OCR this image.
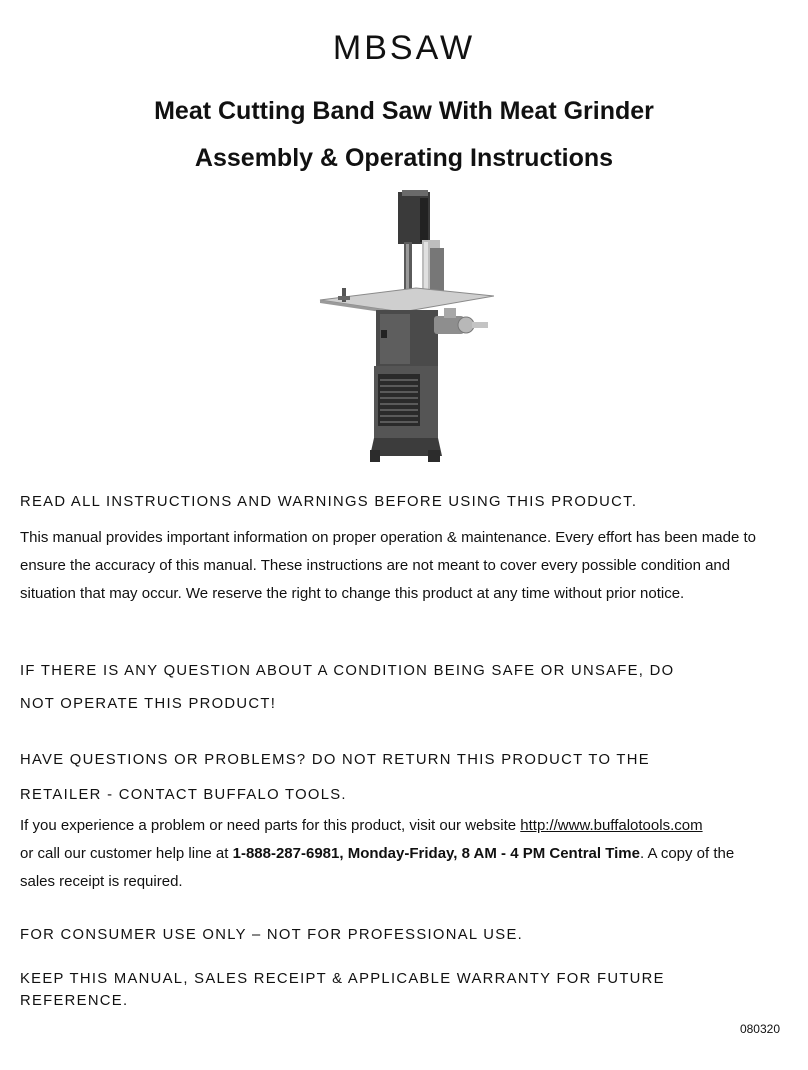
MBSAW
Meat Cutting Band Saw With Meat Grinder
Assembly & Operating Instructions
READ ALL INSTRUCTIONS AND WARNINGS BEFORE USING THIS PRODUCT.
This manual provides important information on proper operation & maintenance. Every effort has been made to ensure the accuracy of this manual. These instructions are not meant to cover every possible condition and situation that may occur. We reserve the right to change this product at any time without prior notice.
IF THERE IS ANY QUESTION ABOUT A CONDITION BEING SAFE OR UNSAFE, DO
NOT OPERATE THIS PRODUCT!
HAVE QUESTIONS OR PROBLEMS? DO NOT RETURN THIS PRODUCT TO THE
RETAILER - CONTACT BUFFALO TOOLS.
If you experience a problem or need parts for this product, visit our website http://www.buffalotools.com
or call our customer help line at 1-888-287-6981, Monday-Friday, 8 AM - 4 PM Central Time. A copy of the
sales receipt is required.
FOR CONSUMER USE ONLY – NOT FOR PROFESSIONAL USE.
KEEP THIS MANUAL, SALES RECEIPT & APPLICABLE WARRANTY FOR FUTURE
REFERENCE.
080320
